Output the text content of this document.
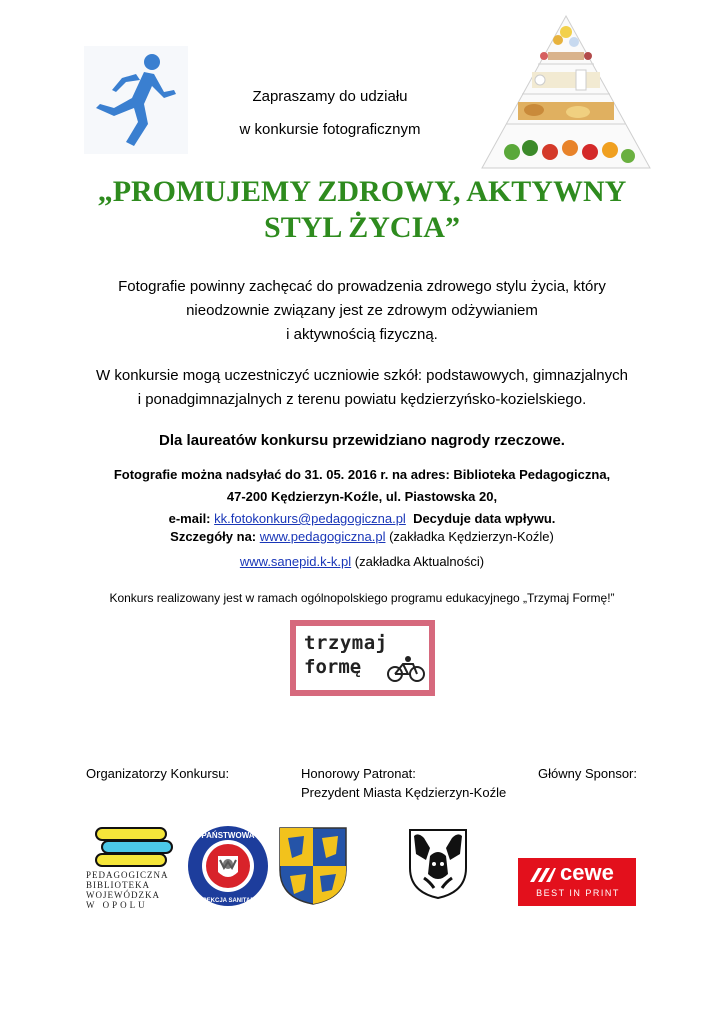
Zapraszamy do udziału
w konkursie fotograficznym
„PROMUJEMY ZDROWY, AKTYWNY
STYL ŻYCIA”
Fotografie powinny zachęcać do prowadzenia zdrowego stylu życia, który
nieodzownie związany jest ze zdrowym odżywianiem
i aktywnością fizyczną.
W konkursie mogą uczestniczyć uczniowie szkół: podstawowych, gimnazjalnych
i ponadgimnazjalnych z terenu powiatu kędzierzyńsko-kozielskiego.
Dla laureatów konkursu przewidziano nagrody rzeczowe.
Fotografie można nadsyłać do 31. 05. 2016 r. na adres: Biblioteka Pedagogiczna,
47-200 Kędzierzyn-Koźle, ul. Piastowska 20,
e-mail: kk.fotokonkurs@pedagogiczna.pl Decyduje data wpływu.
Szczegóły na: www.pedagogiczna.pl (zakładka Kędzierzyn-Koźle)
www.sanepid.k-k.pl (zakładka Aktualności)
Konkurs realizowany jest w ramach ogólnopolskiego programu edukacyjnego „Trzymaj Formę!”
trzymaj
formę
Organizatorzy Konkursu:	Honorowy Patronat:
Prezydent Miasta Kędzierzyn-Koźle
Główny Sponsor:
PEDAGOGICZNA
BIBLIOTEKA
WOJEWÓDZKA
W OPOLU
PAŃSTWOWA
INSPEKCJA SANITARNA
cewe
BEST IN PRINT
